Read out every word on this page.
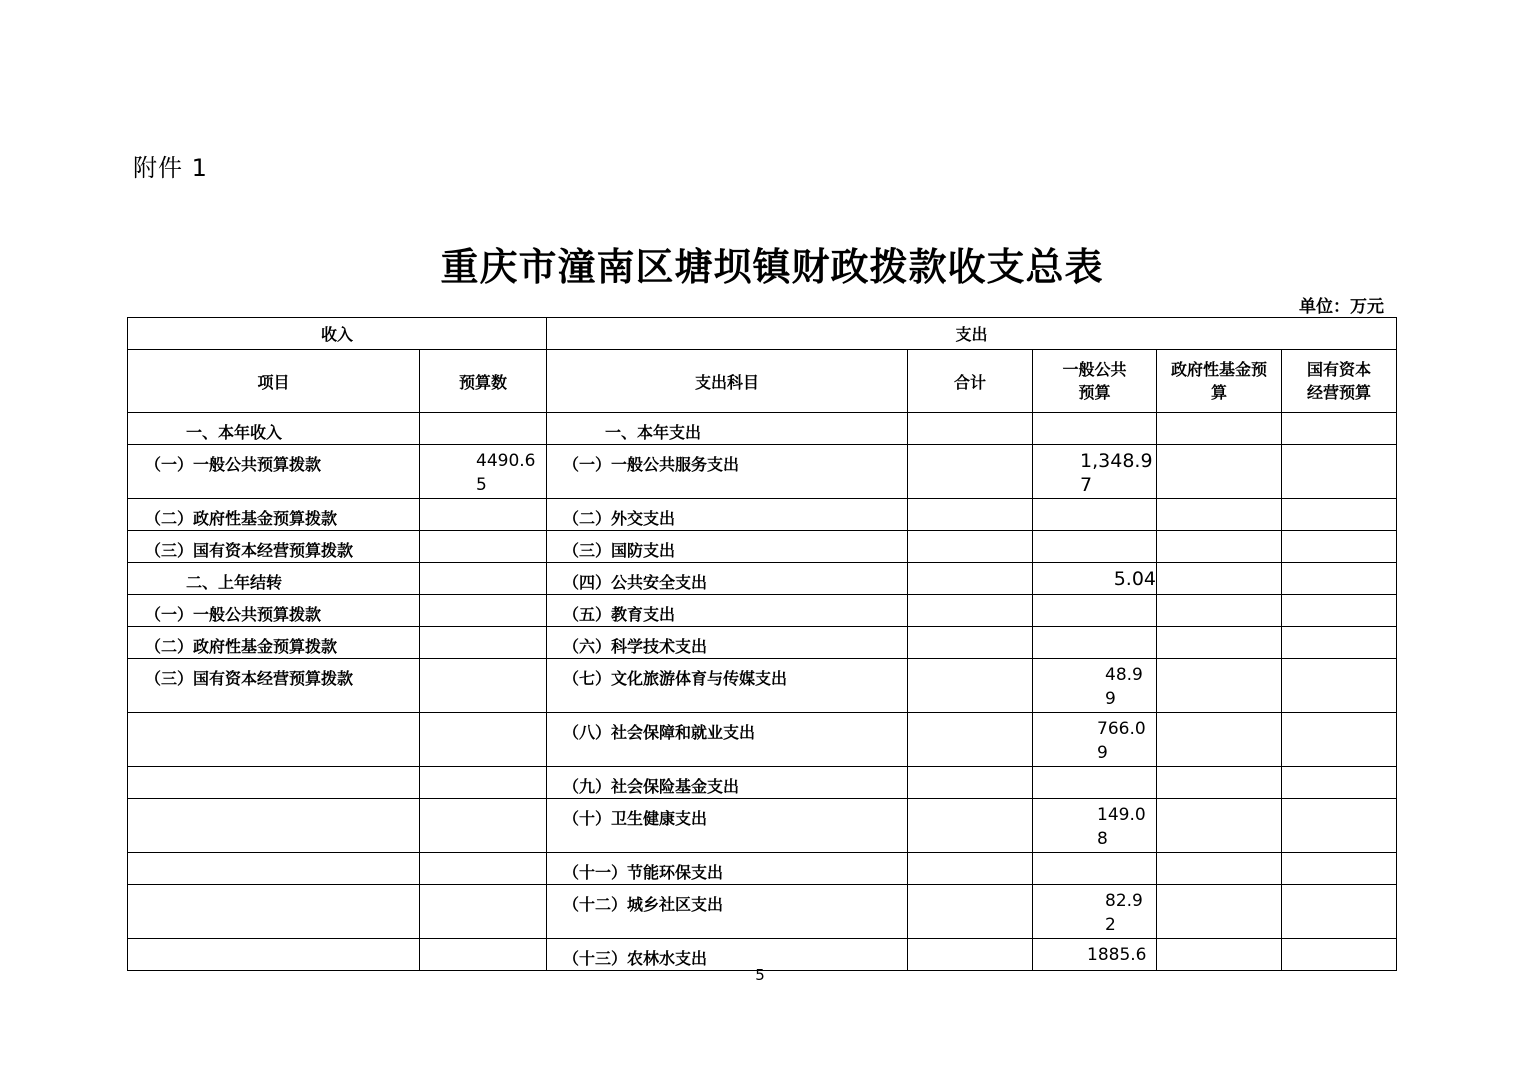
附件 1
重庆市潼南区塘坝镇财政拨款收支总表
单位：万元
收入		支出				
项目	预算数	支出科目	合计	一般公共预算	政府性基金预算	国有资本经营预算

一、本年收入		一、本年支出				

（一）一般公共预算拨款	4490.65	（一）一般公共服务支出		1,348.97		

（二）政府性基金预算拨款		（二）外交支出				

（三）国有资本经营预算拨款		（三）国防支出				

二、上年结转		（四）公共安全支出		5.04		

（一）一般公共预算拨款		（五）教育支出				

（二）政府性基金预算拨款		（六）科学技术支出				

（三）国有资本经营预算拨款		（七）文化旅游体育与传媒支出		48.99		

		（八）社会保障和就业支出		766.09		

		（九）社会保险基金支出				

		（十）卫生健康支出		149.08		

		（十一）节能环保支出				

		（十二）城乡社区支出		82.92		

		（十三）农林水支出		1885.6		

5
